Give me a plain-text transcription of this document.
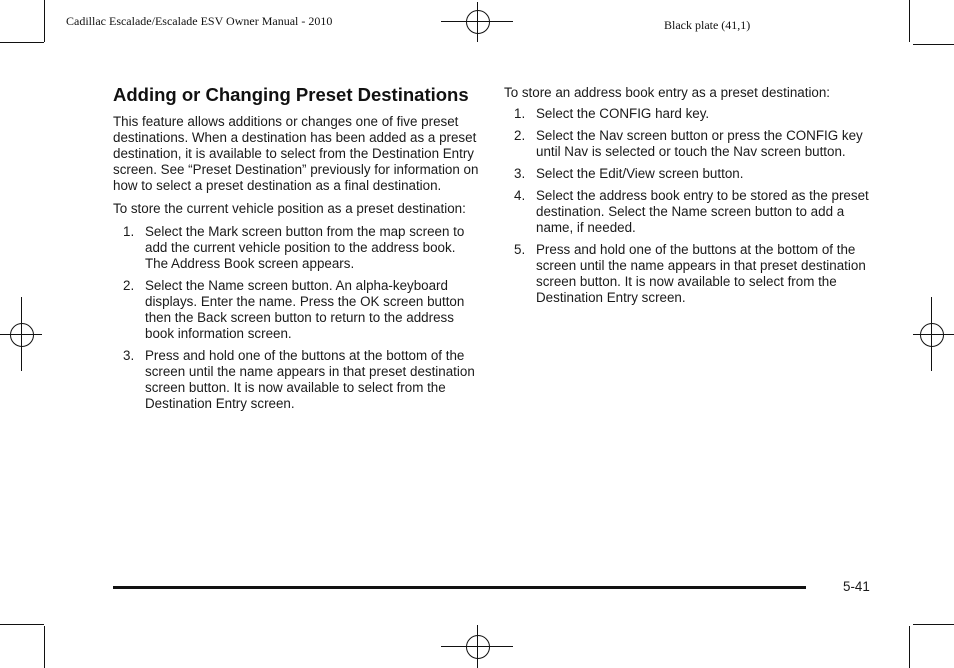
Cadillac Escalade/Escalade ESV Owner Manual - 2010	Black plate (41,1)
Adding or Changing Preset Destinations

This feature allows additions or changes one of five preset destinations. When a destination has been added as a preset destination, it is available to select from the Destination Entry screen. See “Preset Destination” previously for information on how to select a preset destination as a final destination.

To store the current vehicle position as a preset destination:

1. Select the Mark screen button from the map screen to add the current vehicle position to the address book. The Address Book screen appears.
2. Select the Name screen button. An alpha-keyboard displays. Enter the name. Press the OK screen button then the Back screen button to return to the address book information screen.
3. Press and hold one of the buttons at the bottom of the screen until the name appears in that preset destination screen button. It is now available to select from the Destination Entry screen.

To store an address book entry as a preset destination:

1. Select the CONFIG hard key.
2. Select the Nav screen button or press the CONFIG key until Nav is selected or touch the Nav screen button.
3. Select the Edit/View screen button.
4. Select the address book entry to be stored as the preset destination. Select the Name screen button to add a name, if needed.
5. Press and hold one of the buttons at the bottom of the screen until the name appears in that preset destination screen button. It is now available to select from the Destination Entry screen.
5-41
